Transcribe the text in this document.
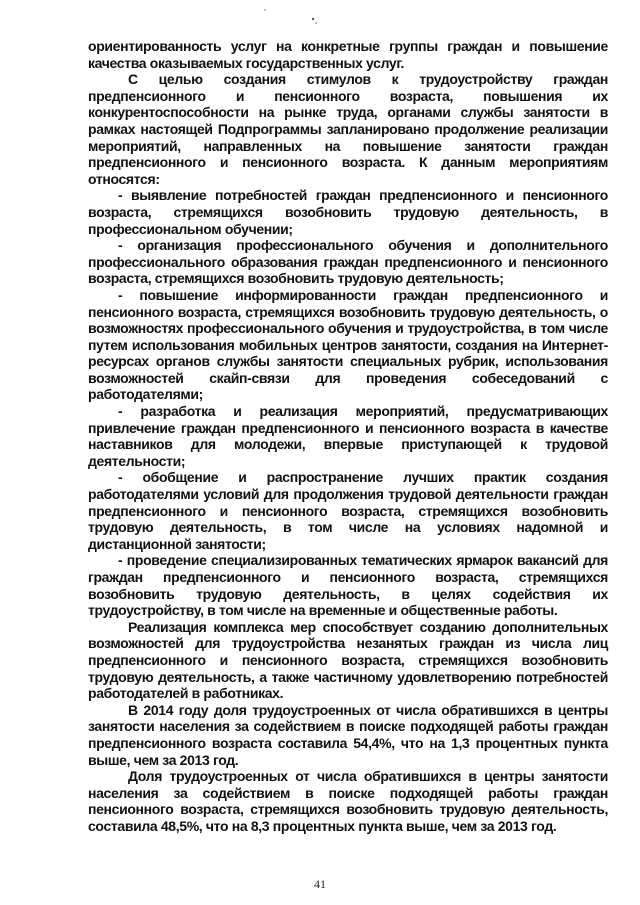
ориентированность услуг на конкретные группы граждан и повышение качества оказываемых государственных услуг.

С целью создания стимулов к трудоустройству граждан предпенсионного и пенсионного возраста, повышения их конкурентоспособности на рынке труда, органами службы занятости в рамках настоящей Подпрограммы запланировано продолжение реализации мероприятий, направленных на повышение занятости граждан предпенсионного и пенсионного возраста. К данным мероприятиям относятся:

- выявление потребностей граждан предпенсионного и пенсионного возраста, стремящихся возобновить трудовую деятельность, в профессиональном обучении;

- организация профессионального обучения и дополнительного профессионального образования граждан предпенсионного и пенсионного возраста, стремящихся возобновить трудовую деятельность;

- повышение информированности граждан предпенсионного и пенсионного возраста, стремящихся возобновить трудовую деятельность, о возможностях профессионального обучения и трудоустройства, в том числе путем использования мобильных центров занятости, создания на Интернет-ресурсах органов службы занятости специальных рубрик, использования возможностей скайп-связи для проведения собеседований с работодателями;

- разработка и реализация мероприятий, предусматривающих привлечение граждан предпенсионного и пенсионного возраста в качестве наставников для молодежи, впервые приступающей к трудовой деятельности;

- обобщение и распространение лучших практик создания работодателями условий для продолжения трудовой деятельности граждан предпенсионного и пенсионного возраста, стремящихся возобновить трудовую деятельность, в том числе на условиях надомной и дистанционной занятости;

- проведение специализированных тематических ярмарок вакансий для граждан предпенсионного и пенсионного возраста, стремящихся возобновить трудовую деятельность, в целях содействия их трудоустройству, в том числе на временные и общественные работы.

Реализация комплекса мер способствует созданию дополнительных возможностей для трудоустройства незанятых граждан из числа лиц предпенсионного и пенсионного возраста, стремящихся возобновить трудовую деятельность, а также частичному удовлетворению потребностей работодателей в работниках.

В 2014 году доля трудоустроенных от числа обратившихся в центры занятости населения за содействием в поиске подходящей работы граждан предпенсионного возраста составила 54,4%, что на 1,3 процентных пункта выше, чем за 2013 год.

Доля трудоустроенных от числа обратившихся в центры занятости населения за содействием в поиске подходящей работы граждан пенсионного возраста, стремящихся возобновить трудовую деятельность, составила 48,5%, что на 8,3 процентных пункта выше, чем за 2013 год.

41
